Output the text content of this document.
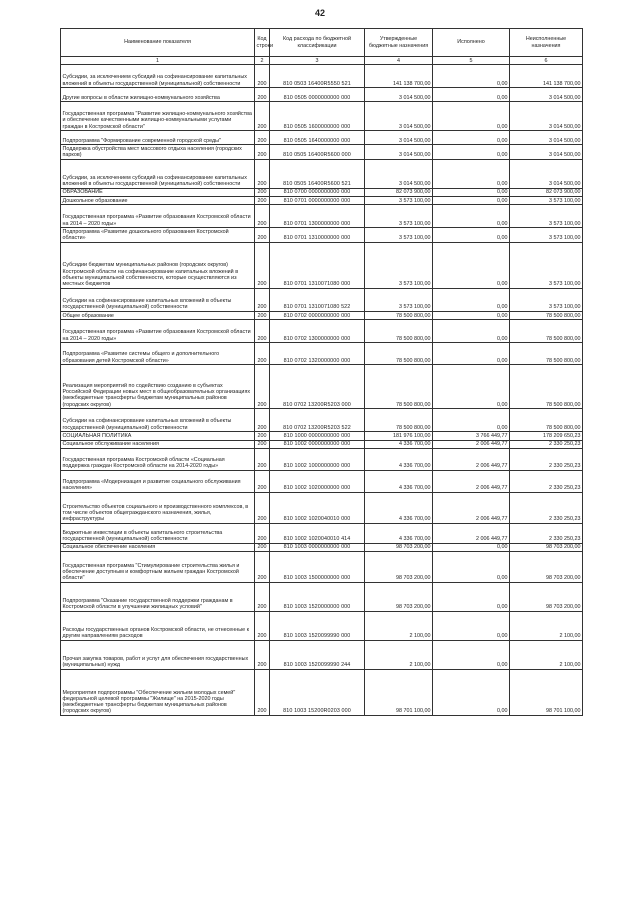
42
Наименование показателя	Код строки	Код расхода по бюджетной классификации	Утвержденные бюджетные назначения	Исполнено	Неисполненные назначения
1	2	3	4	5	6
Субсидии, за исключением субсидий на софинансирование капитальных вложений в объекты государственной (муниципальной) собственности	200	810 0503 16400R5550 521	141 138 700,00	0,00	141 138 700,00
Другие вопросы в области жилищно-коммунального хозяйства	200	810 0505 0000000000 000	3 014 500,00	0,00	3 014 500,00
Государственная программа "Развитие жилищно-коммунального хозяйства и обеспечение качественными жилищно-коммунальными услугами граждан в Костромской области"	200	810 0505 1600000000 000	3 014 500,00	0,00	3 014 500,00
Подпрограмма "Формирование современной городской среды"	200	810 0505 1640000000 000	3 014 500,00	0,00	3 014 500,00
Поддержка обустройства мест массового отдыха населения (городских парков)	200	810 0505 16400R5600 000	3 014 500,00	0,00	3 014 500,00
Субсидии, за исключением субсидий на софинансирование капитальных вложений в объекты государственной (муниципальной) собственности	200	810 0505 16400R5600 521	3 014 500,00	0,00	3 014 500,00
ОБРАЗОВАНИЕ	200	810 0700 0000000000 000	82 073 900,00	0,00	82 073 900,00
Дошкольное образование	200	810 0701 0000000000 000	3 573 100,00	0,00	3 573 100,00
Государственная программа «Развитие образования Костромской области на 2014 – 2020 годы»	200	810 0701 1300000000 000	3 573 100,00	0,00	3 573 100,00
Подпрограмма «Развитие дошкольного образования Костромской области»	200	810 0701 1310000000 000	3 573 100,00	0,00	3 573 100,00
Субсидии бюджетам муниципальных районов (городских округов) Костромской области на софинансирование капитальных вложений в объекты муниципальной собственности, которые осуществляются из местных бюджетов	200	810 0701 1310071080 000	3 573 100,00	0,00	3 573 100,00
Субсидии на софинансирование капитальных вложений в объекты государственной (муниципальной) собственности	200	810 0701 1310071080 522	3 573 100,00	0,00	3 573 100,00
Общее образование	200	810 0702 0000000000 000	78 500 800,00	0,00	78 500 800,00
Государственная программа «Развитие образования Костромской области на 2014 – 2020 годы»	200	810 0702 1300000000 000	78 500 800,00	0,00	78 500 800,00
Подпрограмма «Развитие системы общего и дополнительного образования детей Костромской области»	200	810 0702 1320000000 000	78 500 800,00	0,00	78 500 800,00
Реализация мероприятий по содействию созданию в субъектах Российской Федерации новых мест в общеобразовательных организациях (межбюджетные трансферты бюджетам муниципальных районов (городских округов)	200	810 0702 13200R5203 000	78 500 800,00	0,00	78 500 800,00
Субсидии на софинансирование капитальных вложений в объекты государственной (муниципальной) собственности	200	810 0702 13200R5203 522	78 500 800,00	0,00	78 500 800,00
СОЦИАЛЬНАЯ ПОЛИТИКА	200	810 1000 0000000000 000	181 976 100,00	3 766 449,77	178 209 650,23
Социальное обслуживание населения	200	810 1002 0000000000 000	4 336 700,00	2 006 449,77	2 330 250,23
Государственная программа Костромской области «Социальная поддержка граждан Костромской области на 2014-2020 годы»	200	810 1002 1000000000 000	4 336 700,00	2 006 449,77	2 330 250,23
Подпрограмма «Модернизация и развитие социального обслуживания населения»	200	810 1002 1020000000 000	4 336 700,00	2 006 449,77	2 330 250,23
Строительство объектов социального и производственного комплексов, в том числе объектов общегражданского назначения, жилья, инфраструктуры	200	810 1002 1020040010 000	4 336 700,00	2 006 449,77	2 330 250,23
Бюджетные инвестиции в объекты капитального строительства государственной (муниципальной) собственности	200	810 1002 1020040010 414	4 336 700,00	2 006 449,77	2 330 250,23
Социальное обеспечение населения	200	810 1003 0000000000 000	98 703 200,00	0,00	98 703 200,00
Государственная программа "Стимулирование строительства жилья и обеспечение доступным и комфортным жильем граждан Костромской области"	200	810 1003 1500000000 000	98 703 200,00	0,00	98 703 200,00
Подпрограмма "Оказание государственной поддержки гражданам в Костромской области в улучшении жилищных условий"	200	810 1003 1520000000 000	98 703 200,00	0,00	98 703 200,00
Расходы государственных органов Костромской области, не отнесенные к другим направлениям расходов	200	810 1003 1520099990 000	2 100,00	0,00	2 100,00
Прочая закупка товаров, работ и услуг для обеспечения государственных (муниципальных) нужд	200	810 1003 1520099990 244	2 100,00	0,00	2 100,00
Мероприятия подпрограммы "Обеспечение жильем молодых семей" федеральной целевой программы "Жилище" на 2015-2020 годы (межбюджетные трансферты бюджетам муниципальных районов (городских округов)	200	810 1003 15200R0203 000	98 701 100,00	0,00	98 701 100,00
